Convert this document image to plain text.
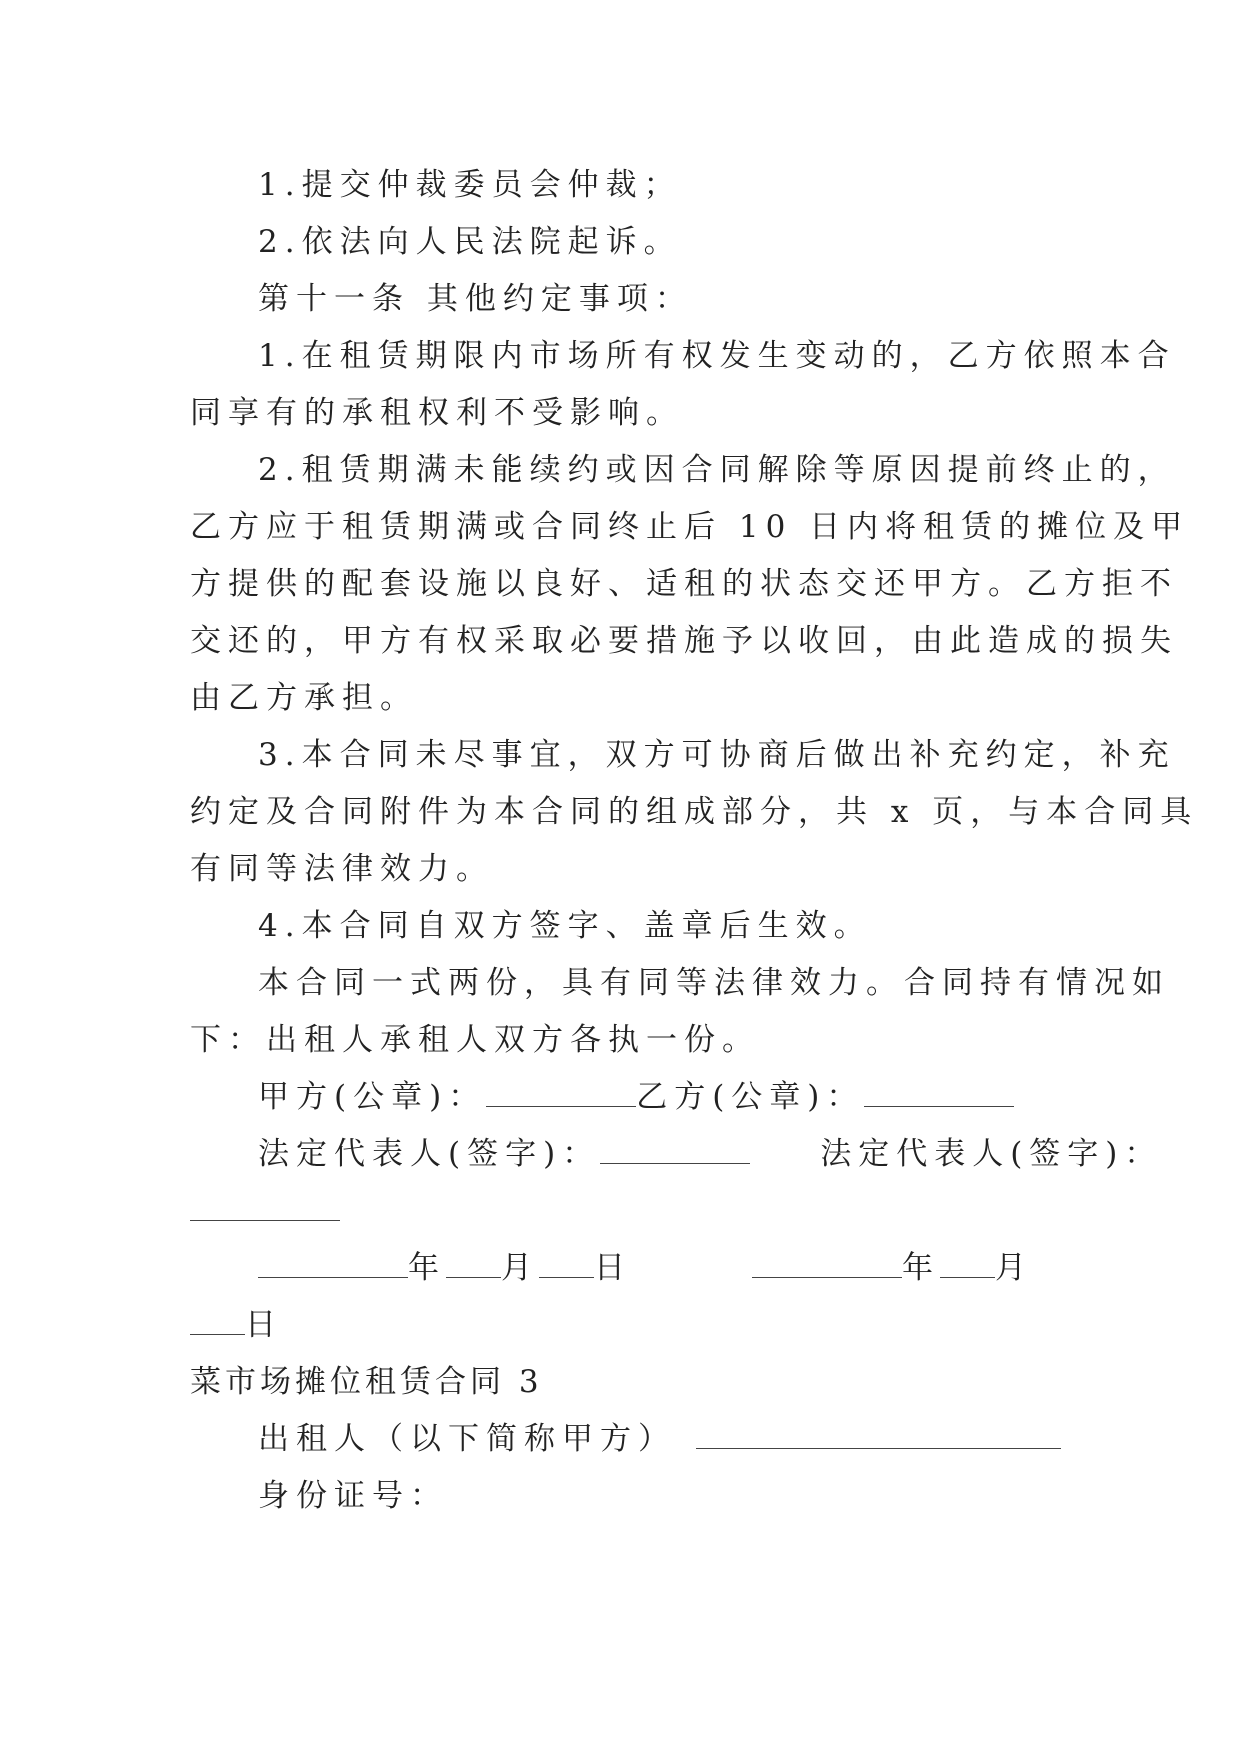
1.提交仲裁委员会仲裁；
2.依法向人民法院起诉。
第十一条 其他约定事项：
1.在租赁期限内市场所有权发生变动的，乙方依照本合
同享有的承租权利不受影响。
2.租赁期满未能续约或因合同解除等原因提前终止的，
乙方应于租赁期满或合同终止后 10 日内将租赁的摊位及甲
方提供的配套设施以良好、适租的状态交还甲方。乙方拒不
交还的，甲方有权采取必要措施予以收回，由此造成的损失
由乙方承担。
3.本合同未尽事宜，双方可协商后做出补充约定，补充
约定及合同附件为本合同的组成部分，共 x 页，与本合同具
有同等法律效力。
4.本合同自双方签字、盖章后生效。
本合同一式两份，具有同等法律效力。合同持有情况如
下：出租人承租人双方各执一份。
甲方(公章)：	乙方(公章)：
法定代表人(签字)：	法定代表人(签字)：
年 月 日	年 月
日
菜市场摊位租赁合同 3
出租人（以下简称甲方）
身份证号：
